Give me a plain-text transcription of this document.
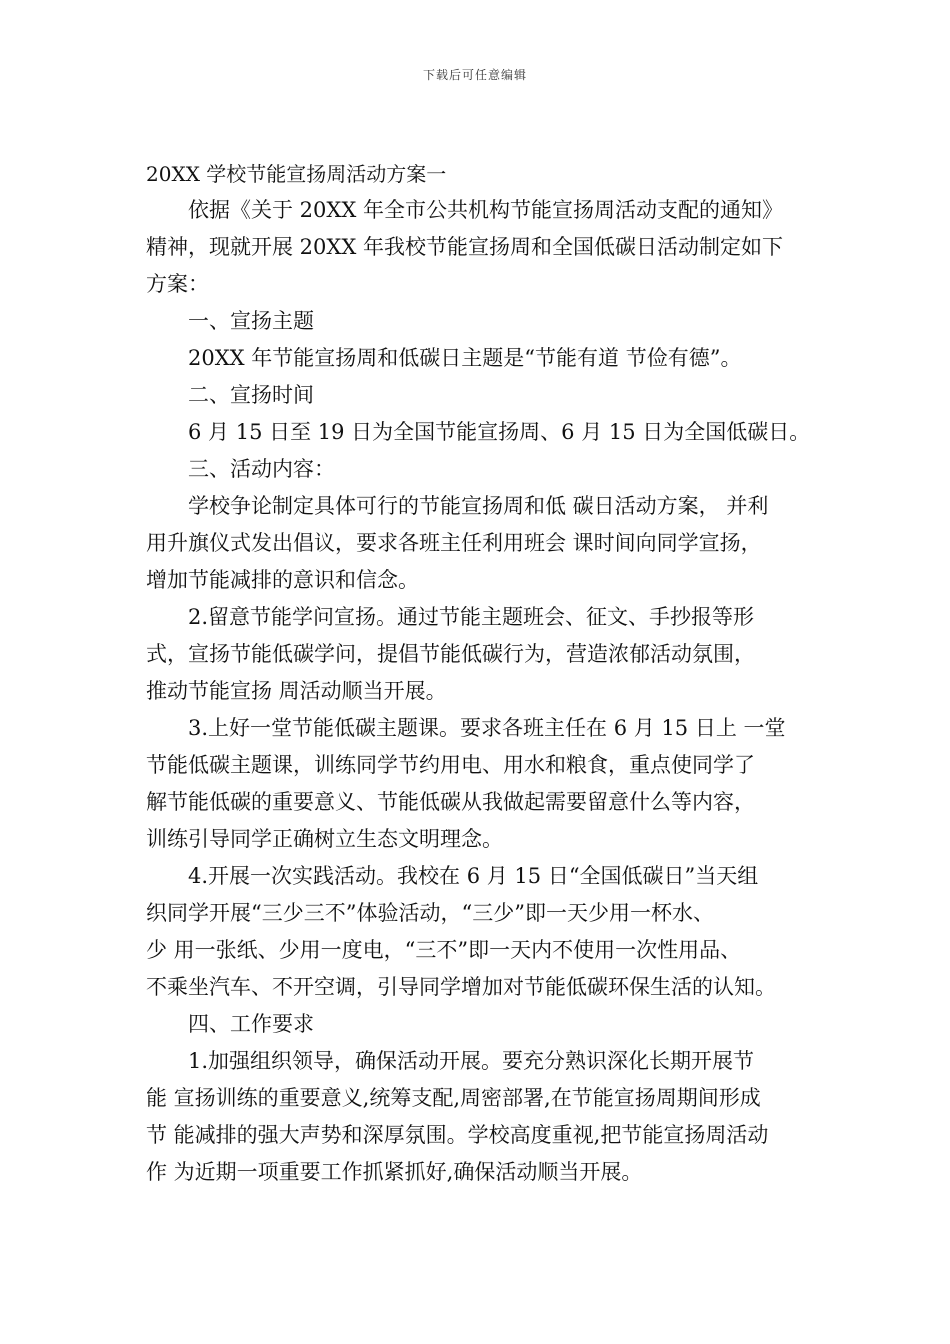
下载后可任意编辑
20XX 学校节能宣扬周活动方案一
依据《关于 20XX 年全市公共机构节能宣扬周活动支配的通知》
精神，现就开展 20XX 年我校节能宣扬周和全国低碳日活动制定如下
方案：
一、宣扬主题
20XX 年节能宣扬周和低碳日主题是“节能有道 节俭有德”。
二、宣扬时间
6 月 15 日至 19 日为全国节能宣扬周、6 月 15 日为全国低碳日。
三、活动内容：
学校争论制定具体可行的节能宣扬周和低 碳日活动方案， 并利
用升旗仪式发出倡议，要求各班主任利用班会 课时间向同学宣扬，
增加节能减排的意识和信念。
2.留意节能学问宣扬。通过节能主题班会、征文、手抄报等形
式，宣扬节能低碳学问，提倡节能低碳行为，营造浓郁活动氛围，
推动节能宣扬 周活动顺当开展。
3.上好一堂节能低碳主题课。要求各班主任在 6 月 15 日上 一堂
节能低碳主题课，训练同学节约用电、用水和粮食，重点使同学了
解节能低碳的重要意义、节能低碳从我做起需要留意什么等内容，
训练引导同学正确树立生态文明理念。
4.开展一次实践活动。我校在 6 月 15 日“全国低碳日”当天组
织同学开展“三少三不”体验活动，“三少”即一天少用一杯水、
少 用一张纸、少用一度电，“三不”即一天内不使用一次性用品、
不乘坐汽车、不开空调，引导同学增加对节能低碳环保生活的认知。
四、工作要求
1.加强组织领导，确保活动开展。要充分熟识深化长期开展节
能 宣扬训练的重要意义,统筹支配,周密部署,在节能宣扬周期间形成
节 能减排的强大声势和深厚氛围。学校高度重视,把节能宣扬周活动
作 为近期一项重要工作抓紧抓好,确保活动顺当开展。
